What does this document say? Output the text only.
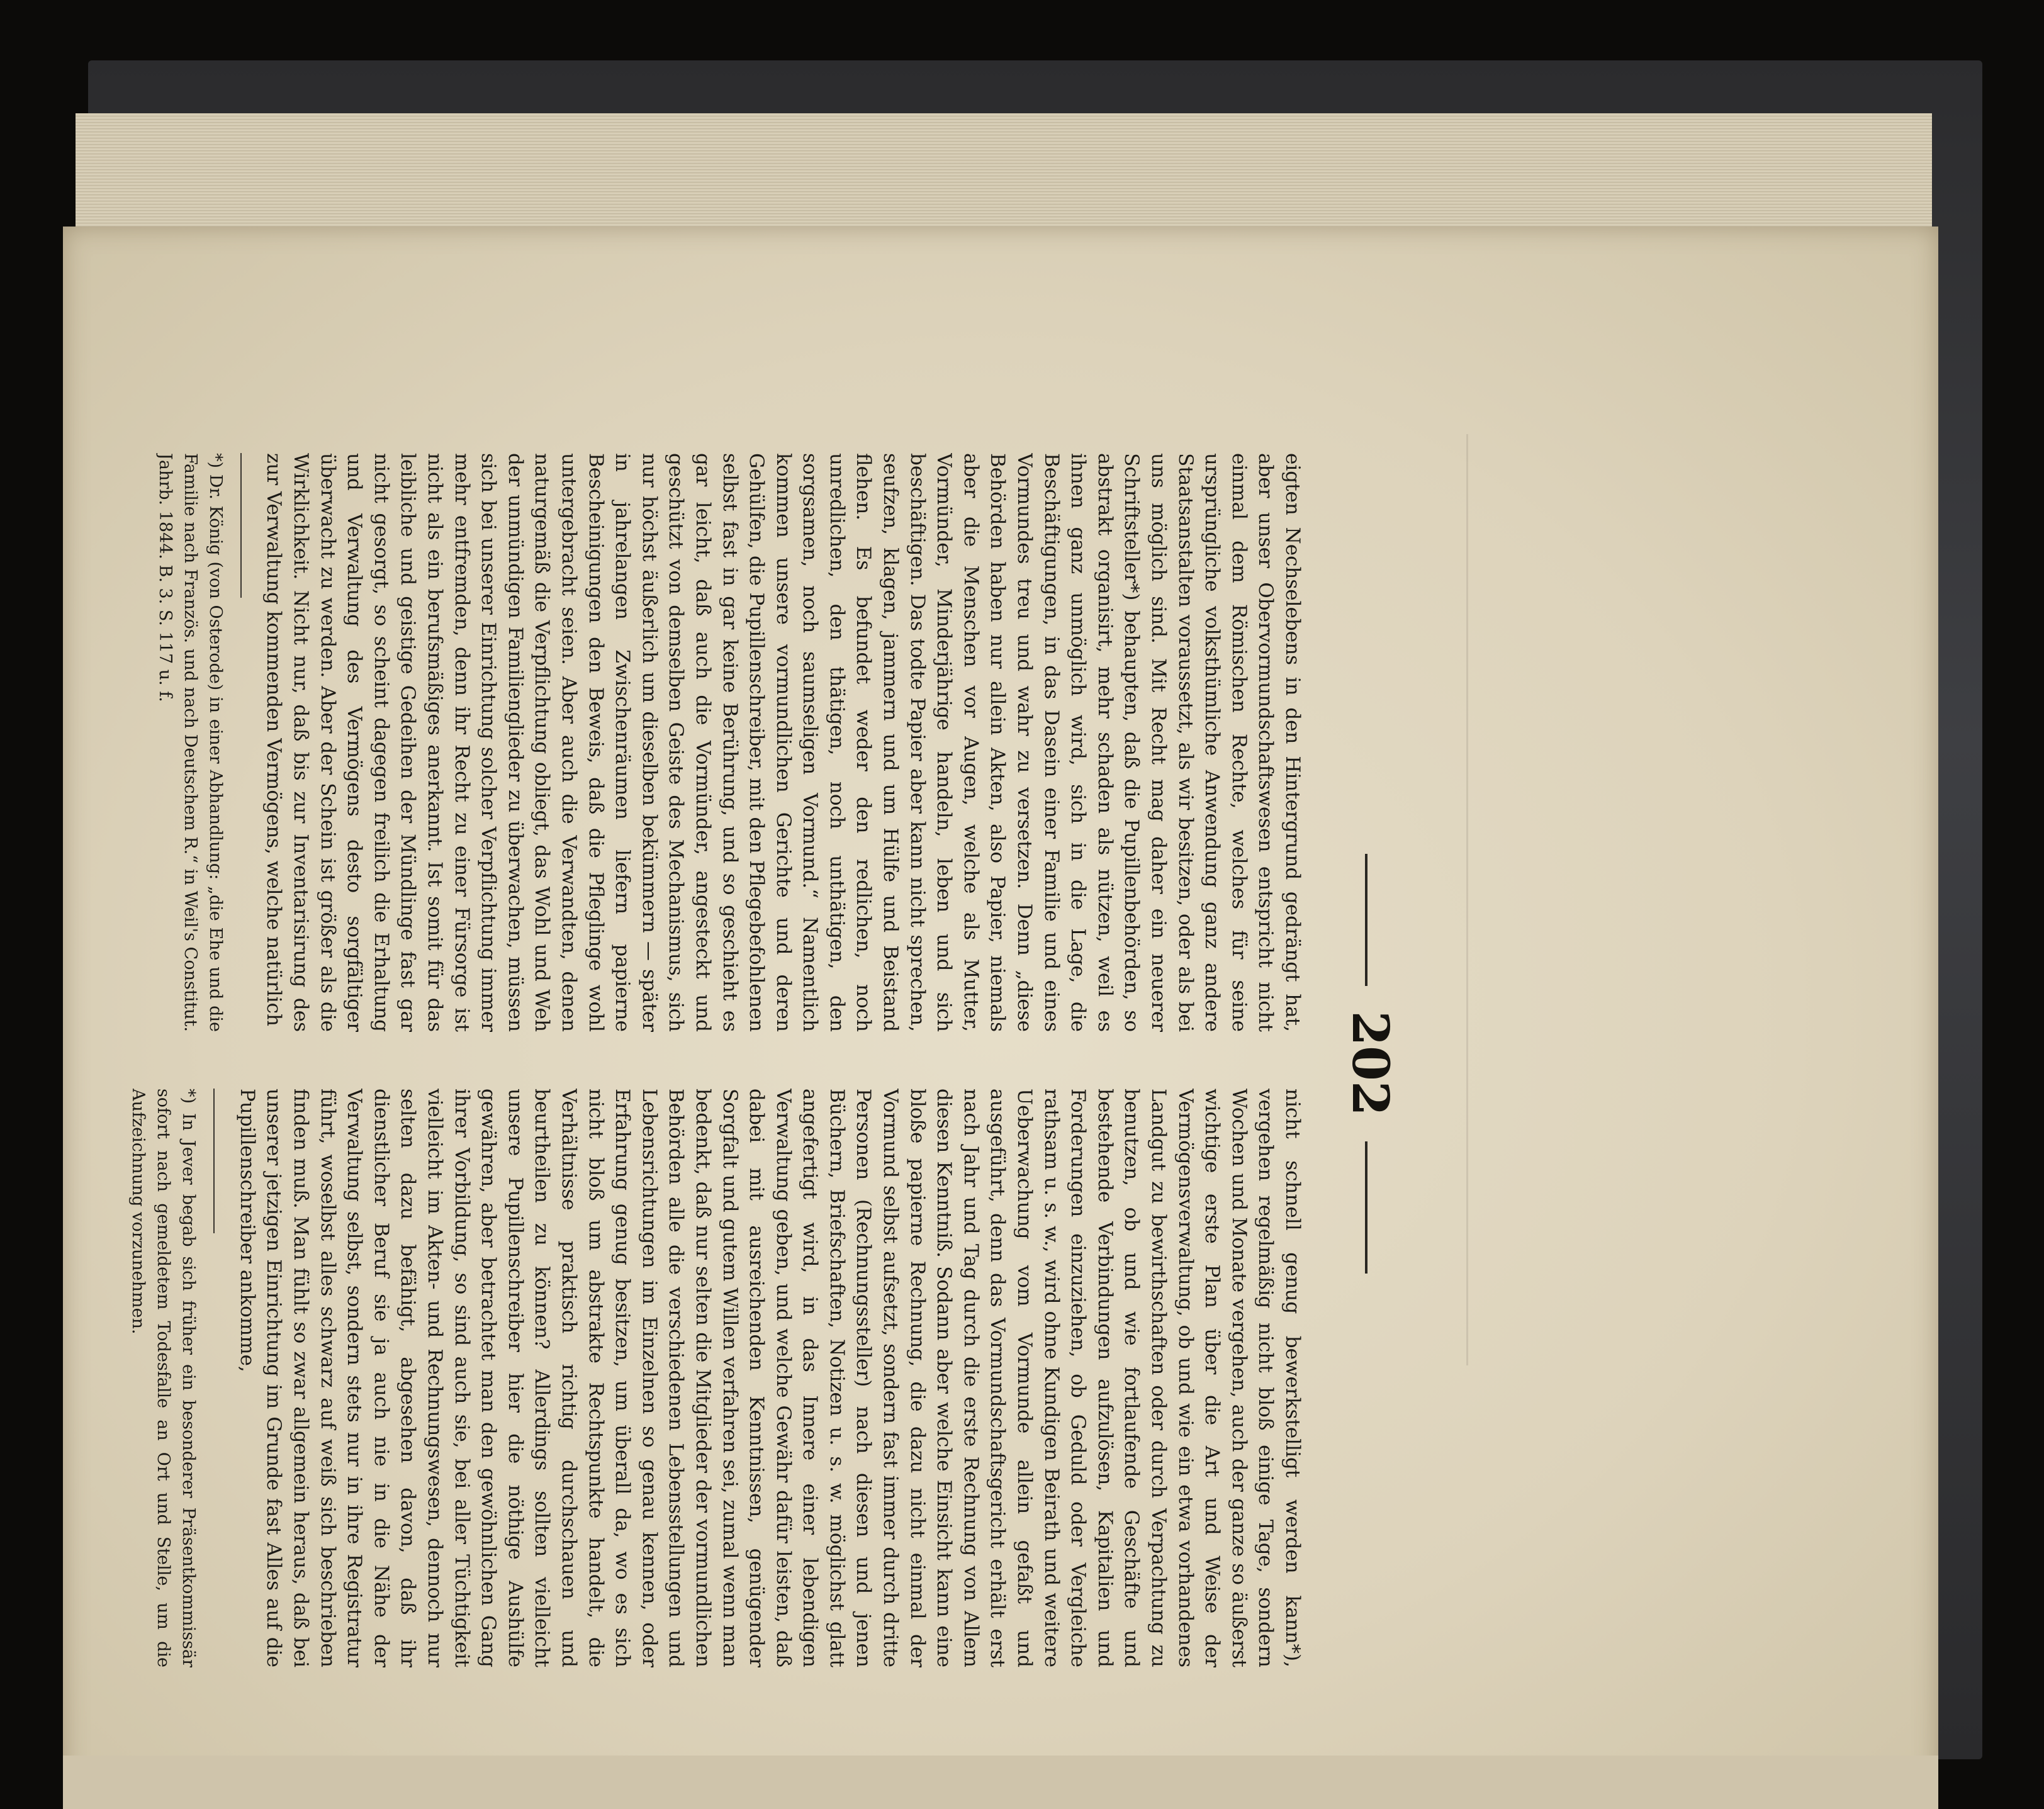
202

eigten Nechselebens in den Hintergrund gedrängt hat, aber unser Obervormundschaftswesen entspricht nicht einmal dem Römischen Rechte, welches für seine ursprüngliche volksthümliche Anwendung ganz andere Staatsanstalten voraussetzt, als wir besitzen, oder als bei uns möglich sind. Mit Recht mag daher ein neuerer Schriftsteller*) behaupten, daß die Pupillenbehörden, so abstrakt organisirt, mehr schaden als nützen, weil es ihnen ganz unmöglich wird, sich in die Lage, die Beschäftigungen, in das Dasein einer Familie und eines Vormundes treu und wahr zu versetzen. Denn „diese Behörden haben nur allein Akten, also Papier, niemals aber die Menschen vor Augen, welche als Mutter, Vormünder, Minderjährige handeln, leben und sich beschäftigen. Das todte Papier aber kann nicht sprechen, seufzen, klagen, jammern und um Hülfe und Beistand flehen. Es befundet weder den redlichen, noch unredlichen, den thätigen, noch unthätigen, den sorgsamen, noch saumseligen Vormund.“ Namentlich kommen unsere vormundlichen Gerichte und deren Gehülfen, die Pupillenschreiber, mit den Pflegebefohlenen selbst fast in gar keine Berührung, und so geschieht es gar leicht, daß auch die Vormünder, angesteckt und geschützt von demselben Geiste des Mechanismus, sich nur höchst äußerlich um dieselben bekümmern — später in jahrelangen Zwischenräumen liefern papierne Bescheinigungen den Beweis, daß die Pfleglinge wohl untergebracht seien. Aber auch die Verwandten, denen naturgemäß die Verpflichtung obliegt, das Wohl und Weh der unmündigen Familienglieder zu überwachen, müssen sich bei unserer Einrichtung solcher Verpflichtung immer mehr entfremden, denn ihr Recht zu einer Fürsorge ist nicht als ein berufsmäßiges anerkannt. Ist somit für das leibliche und geistige Gedeihen der Mündlinge fast gar nicht gesorgt, so scheint dagegen freilich die Erhaltung und Verwaltung des Vermögens desto sorgfältiger überwacht zu werden. Aber der Schein ist größer als die Wirklichkeit. Nicht nur, daß bis zur Inventarisirung des zur Verwaltung kommenden Vermögens, welche natürlich

*) Dr. König (von Osterode) in einer Abhandlung: „die Ehe und die Familie nach Französ. und nach Deutschem R.“ in Weil's Constitut. Jahrb. 1844. B. 3. S. 117 u. f.

nicht schnell genug bewerkstelligt werden kann*), vergehen regelmäßig nicht bloß einige Tage, sondern Wochen und Monate vergehen, auch der ganze so äußerst wichtige erste Plan über die Art und Weise der Vermögensverwaltung, ob und wie ein etwa vorhandenes Landgut zu bewirthschaften oder durch Verpachtung zu benutzen, ob und wie fortlaufende Geschäfte und bestehende Verbindungen aufzulösen, Kapitalien und Forderungen einzuziehen, ob Geduld oder Vergleiche rathsam u. s. w., wird ohne Kundigen Beirath und weitere Ueberwachung vom Vormunde allein gefaßt und ausgeführt, denn das Vormundschaftsgericht erhält erst nach Jahr und Tag durch die erste Rechnung von Allem diesen Kenntniß. Sodann aber welche Einsicht kann eine bloße papierne Rechnung, die dazu nicht einmal der Vormund selbst aufsetzt, sondern fast immer durch dritte Personen (Rechnungssteller) nach diesen und jenen Büchern, Briefschaften, Notizen u. s. w. möglichst glatt angefertigt wird, in das Innere einer lebendigen Verwaltung geben, und welche Gewähr dafür leisten, daß dabei mit ausreichenden Kenntnissen, genügender Sorgfalt und gutem Willen verfahren sei, zumal wenn man bedenkt, daß nur selten die Mitglieder der vormundlichen Behörden alle die verschiedenen Lebensstellungen und Lebensrichtungen im Einzelnen so genau kennen, oder Erfahrung genug besitzen, um überall da, wo es sich nicht bloß um abstrakte Rechtspunkte handelt, die Verhältnisse praktisch richtig durchschauen und beurtheilen zu können? Allerdings sollten vielleicht unsere Pupillenschreiber hier die nöthige Aushülfe gewähren, aber betrachtet man den gewöhnlichen Gang ihrer Vorbildung, so sind auch sie, bei aller Tüchtigkeit vielleicht im Akten- und Rechnungswesen, dennoch nur selten dazu befähigt, abgesehen davon, daß ihr dienstlicher Beruf sie ja auch nie in die Nähe der Verwaltung selbst, sondern stets nur in ihre Registratur führt, woselbst alles schwarz auf weiß sich beschrieben finden muß. Man fühlt so zwar allgemein heraus, daß bei unserer jetzigen Einrichtung im Grunde fast Alles auf die Pupillenschreiber ankomme,

*) In Jever begab sich früher ein besonderer Präsentkommissär sofort nach gemeldetem Todesfalle an Ort und Stelle, um die Aufzeichnung vorzunehmen.
